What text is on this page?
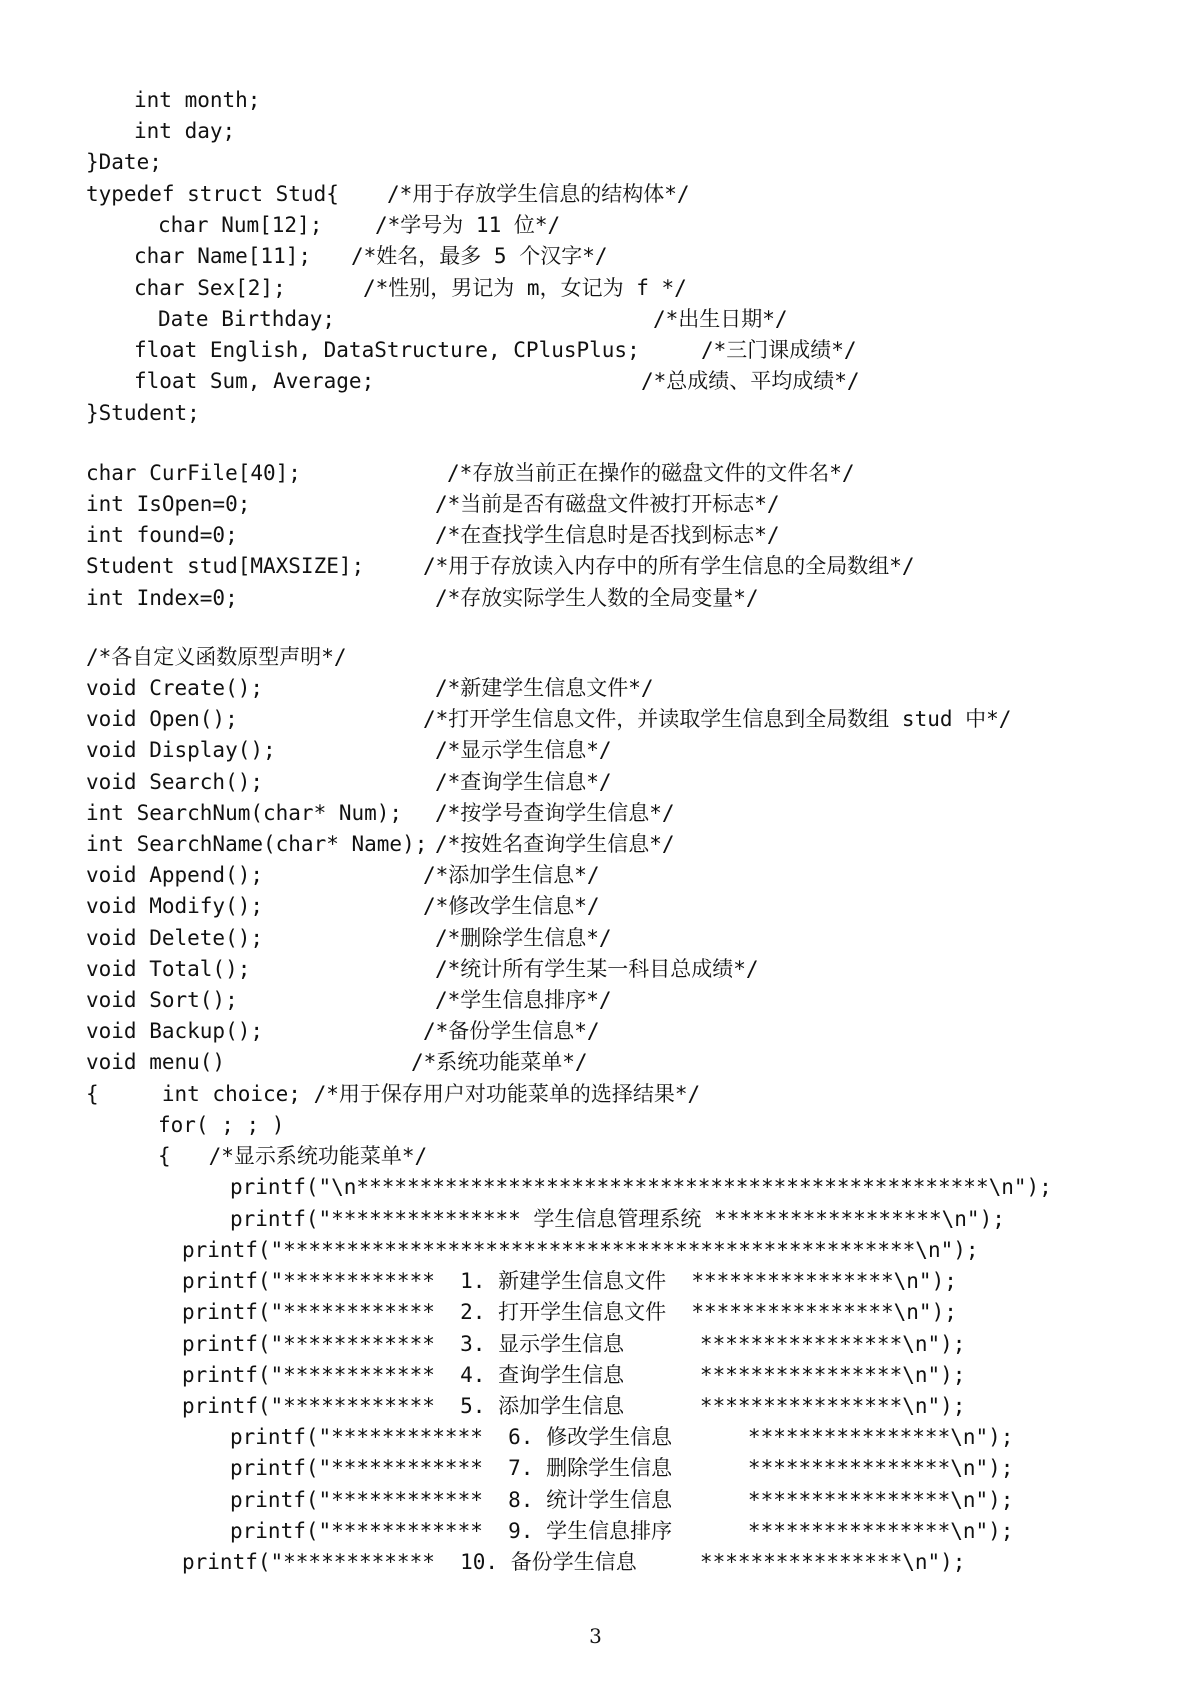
int month;
int day;
}Date;
typedef struct Stud{ /*用于存放学生信息的结构体*/
char Num[12];	/*学号为 11 位*/
char Name[11]; /*姓名，最多 5 个汉字*/
char Sex[2];	/*性别，男记为 m，女记为 f */
Date Birthday;	/*出生日期*/
float English, DataStructure, CPlusPlus;	/*三门课成绩*/
float Sum, Average;	/*总成绩、平均成绩*/
}Student;
char CurFile[40];	/*存放当前正在操作的磁盘文件的文件名*/
int IsOpen=0;	/*当前是否有磁盘文件被打开标志*/
int found=0;	/*在查找学生信息时是否找到标志*/
Student stud[MAXSIZE];	/*用于存放读入内存中的所有学生信息的全局数组*/
int Index=0;	/*存放实际学生人数的全局变量*/
/*各自定义函数原型声明*/
void Create();	/*新建学生信息文件*/
void Open();	/*打开学生信息文件，并读取学生信息到全局数组 stud 中*/
void Display();	/*显示学生信息*/
void Search();	/*查询学生信息*/
int SearchNum(char* Num); /*按学号查询学生信息*/
int SearchName(char* Name); /*按姓名查询学生信息*/
void Append();	/*添加学生信息*/
void Modify();	/*修改学生信息*/
void Delete();	/*删除学生信息*/
void Total();	/*统计所有学生某一科目总成绩*/
void Sort();	/*学生信息排序*/
void Backup();	/*备份学生信息*/
void menu()	/*系统功能菜单*/
{     int choice; /*用于保存用户对功能菜单的选择结果*/
for( ; ; )
{   /*显示系统功能菜单*/
printf("\n**************************************************\n");
printf("*************** 学生信息管理系统 ******************\n");
printf("**************************************************\n");
printf("************  1. 新建学生信息文件  ****************\n");
printf("************  2. 打开学生信息文件  ****************\n");
printf("************  3. 显示学生信息      ****************\n");
printf("************  4. 查询学生信息      ****************\n");
printf("************  5. 添加学生信息      ****************\n");
printf("************  6. 修改学生信息      ****************\n");
printf("************  7. 删除学生信息      ****************\n");
printf("************  8. 统计学生信息      ****************\n");
printf("************  9. 学生信息排序      ****************\n");
printf("************  10. 备份学生信息     ****************\n");
3
